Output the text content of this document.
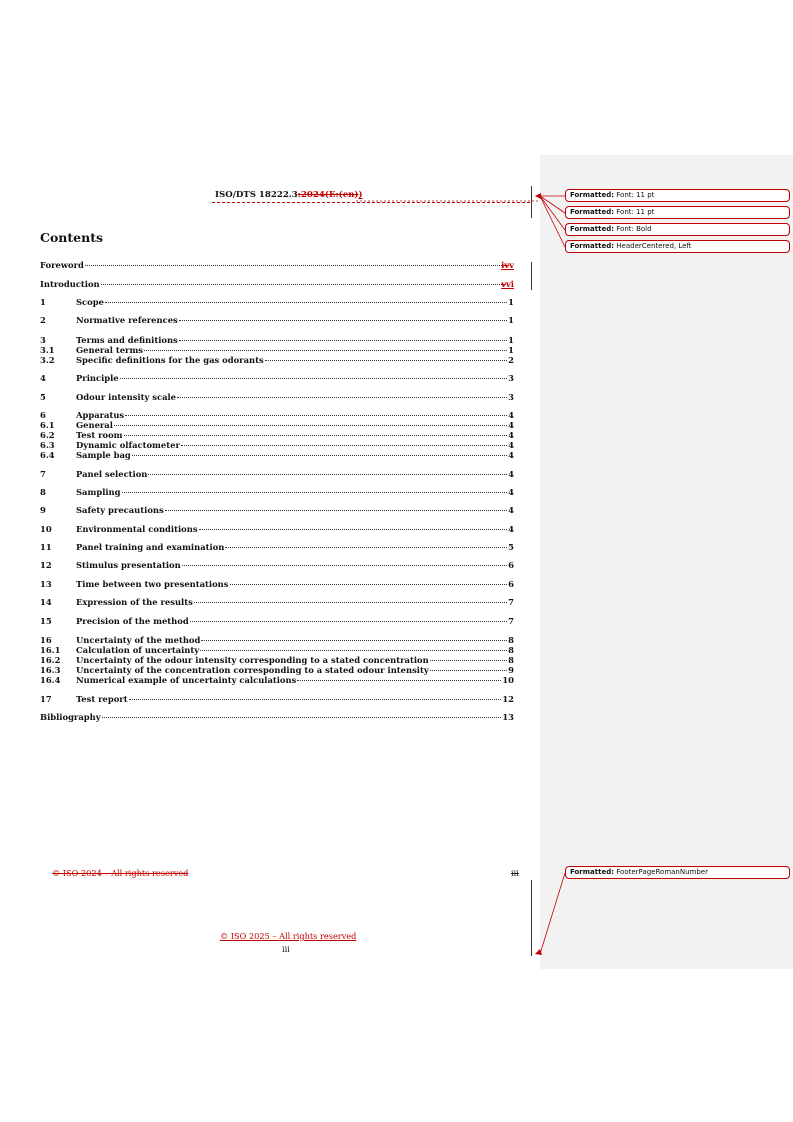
ISO/DTS 18222.3:2024(E:(en))
Contents
Foreword	ivv
Introduction	vvi
1	Scope	1
2	Normative references	1
3	Terms and definitions	1
3.1	General terms	1
3.2	Specific definitions for the gas odorants	2
4	Principle	3
5	Odour intensity scale	3
6	Apparatus	4
6.1	General	4
6.2	Test room	4
6.3	Dynamic olfactometer	4
6.4	Sample bag	4
7	Panel selection	4
8	Sampling	4
9	Safety precautions	4
10	Environmental conditions	4
11	Panel training and examination	5
12	Stimulus presentation	6
13	Time between two presentations	6
14	Expression of the results	7
15	Precision of the method	7
16	Uncertainty of the method	8
16.1	Calculation of uncertainty	8
16.2	Uncertainty of the odour intensity corresponding to a stated concentration	8
16.3	Uncertainty of the concentration corresponding to a stated odour intensity	9
16.4	Numerical example of uncertainty calculations	10
17	Test report	12
Bibliography	13
© ISO 2024 – All rights reserved	iii
© ISO 2025 – All rights reserved
iii
Formatted: Font: 11 pt
Formatted: Font: 11 pt
Formatted: Font: Bold
Formatted: HeaderCentered, Left
Formatted: FooterPageRomanNumber
